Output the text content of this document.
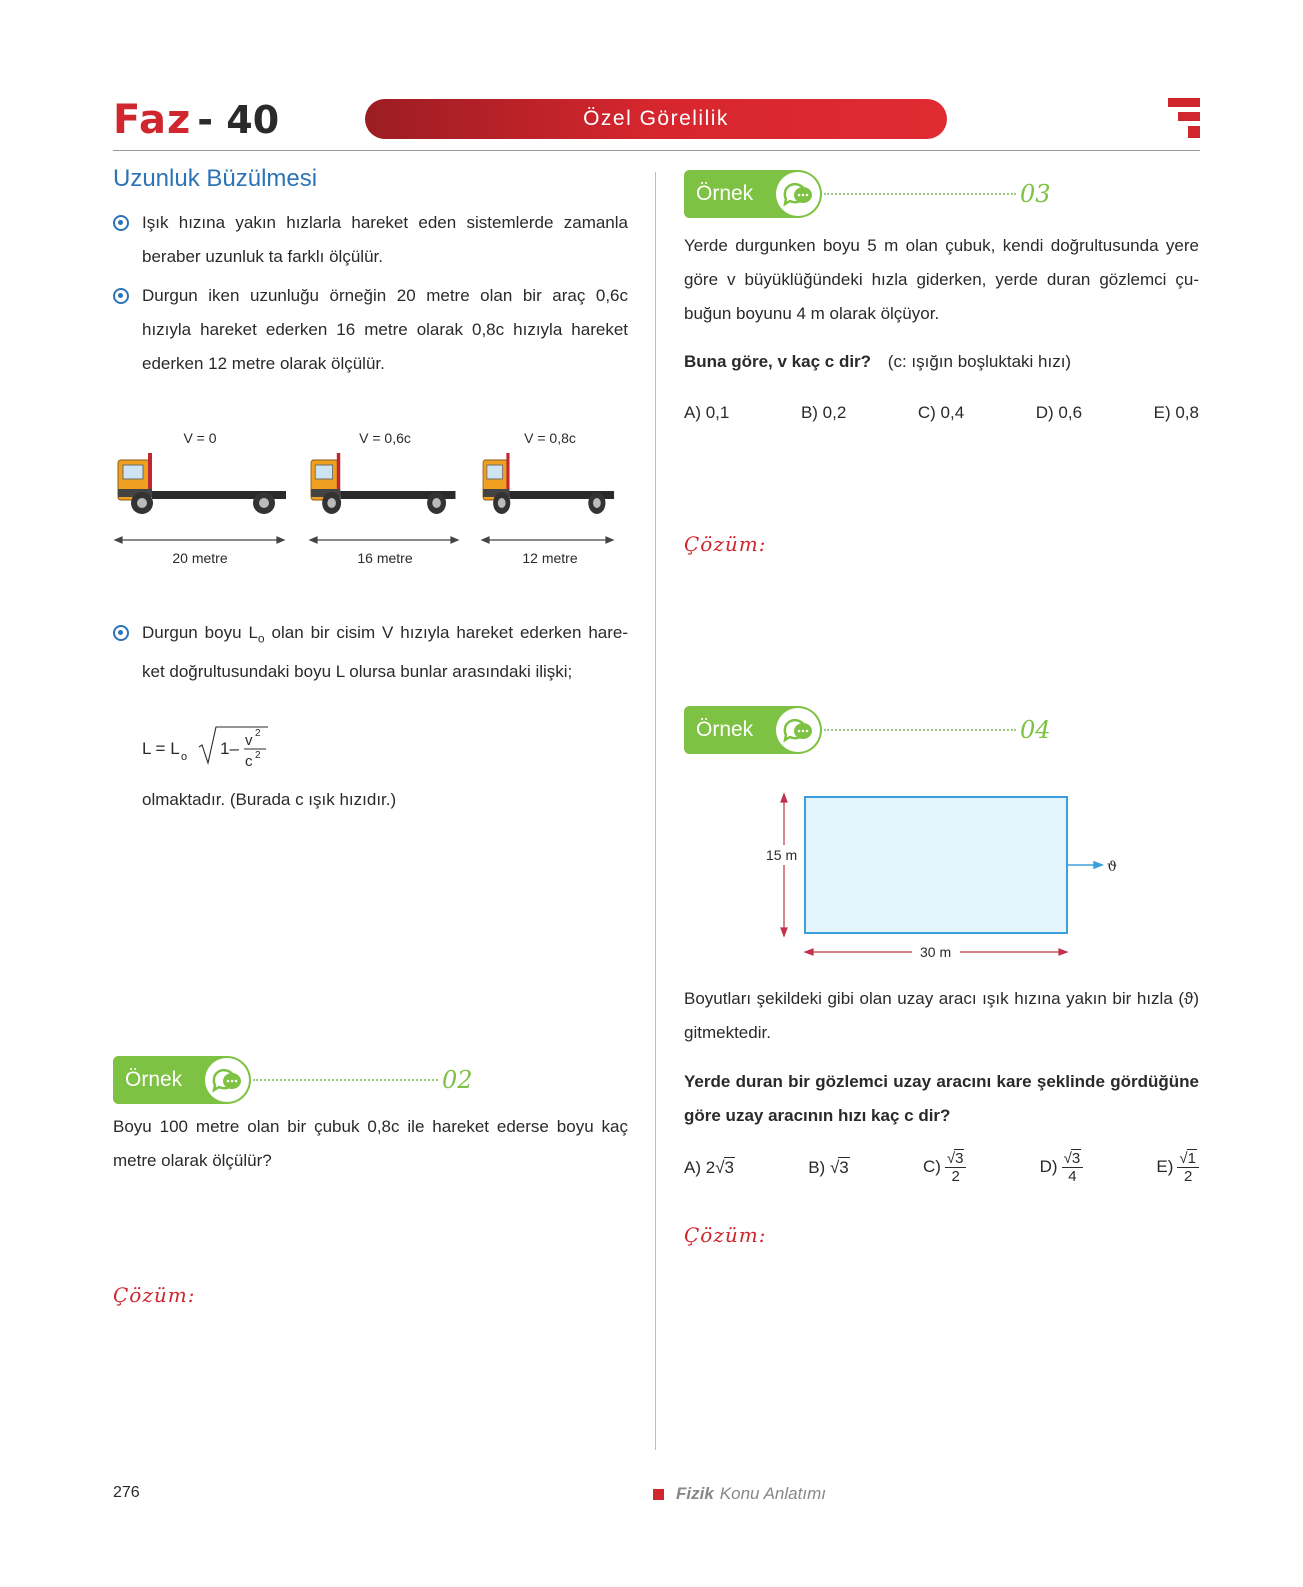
Faz - 40	Özel Görelilik
Uzunluk Büzülmesi
Işık hızına yakın hızlarla hareket eden sistemlerde zamanla beraber uzunluk ta farklı ölçülür.
Durgun iken uzunluğu örneğin 20 metre olan bir araç 0,6c hızıyla hareket ederken 16 metre olarak 0,8c hızıyla hareket ederken 12 metre olarak ölçülür.
V = 0	V = 0,6c	V = 0,8c
20 metre	16 metre	12 metre
Durgun boyu $L_o$ olan bir cisim V hızıyla hareket ederken hare-ket doğrultusundaki boyu L olursa bunlar arasındaki ilişki;
L = L o 1– v 2
c 2
olmaktadır. (Burada c ışık hızıdır.)
Örnek	02
Boyu 100 metre olan bir çubuk 0,8c ile hareket ederse boyu kaç metre olarak ölçülür?
Çözüm:
Örnek	03
Yerde durgunken boyu 5 m olan çubuk, kendi doğrultusunda yere göre v büyüklüğündeki hızla giderken, yerde duran gözlemci çu-buğun boyunu 4 m olarak ölçüyor.
Buna göre, v kaç c dir? (c: ışığın boşluktaki hızı)
A) 0,1	B) 0,2	C) 0,4	D) 0,6	E) 0,8
Çözüm:
Örnek	04
15 m
30 m
ϑ
Boyutları şekildeki gibi olan uzay aracı ışık hızına yakın bir hızla (ϑ) gitmektedir.
Yerde duran bir gözlemci uzay aracını kare şeklinde gördüğüne göre uzay aracının hızı kaç c dir?
A) 2√3	B) √3	$C) \frac{√3}{2}$	$D) \frac{√3}{4}$	$E) \frac{√1}{2}$
Çözüm:
276	Fizik Konu Anlatımı
